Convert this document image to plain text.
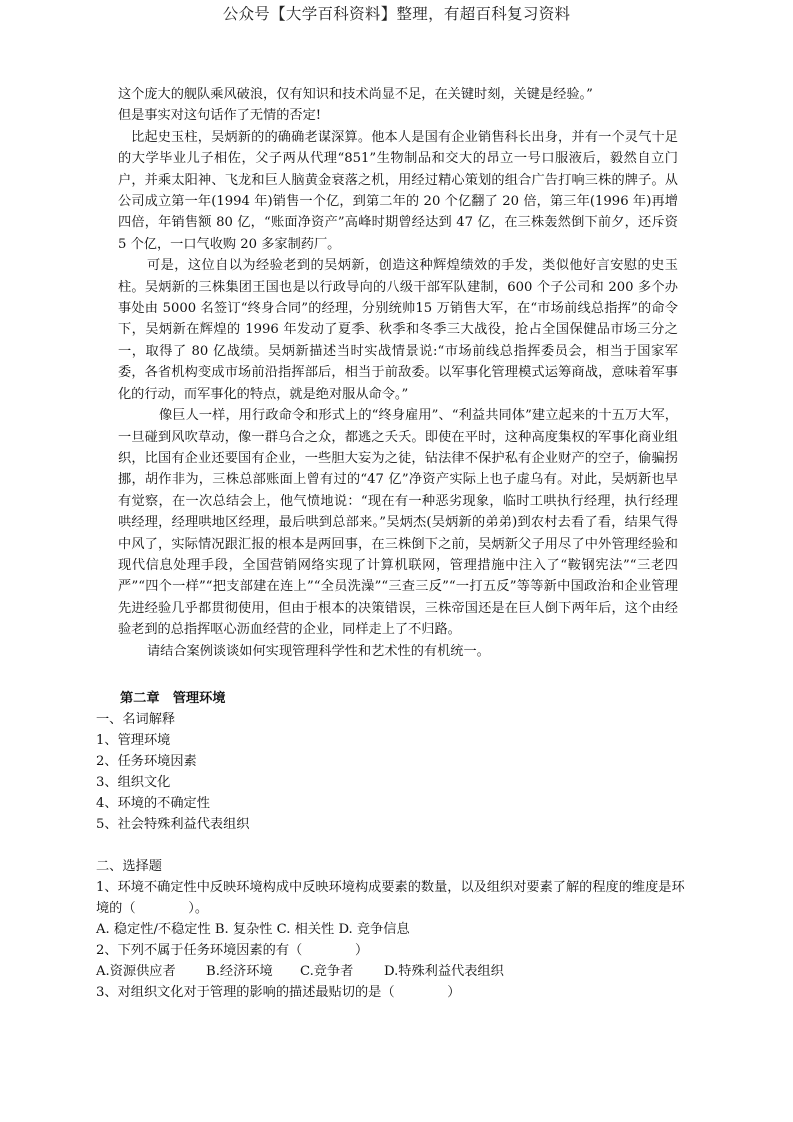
公众号【大学百科资料】整理，有超百科复习资料

这个庞大的舰队乘风破浪，仅有知识和技术尚显不足，在关键时刻，关键是经验。”

但是事实对这句话作了无情的否定!

比起史玉柱，吴炳新的的确确老谋深算。他本人是国有企业销售科长出身，并有一个灵气十足的大学毕业儿子相佐，父子两从代理“851”生物制品和交大的昂立一号口服液后，毅然自立门户，并乘太阳神、飞龙和巨人脑黄金衰落之机，用经过精心策划的组合广告打响三株的牌子。从公司成立第一年(1994 年)销售一个亿，到第二年的 20 个亿翻了 20 倍，第三年(1996 年)再增四倍，年销售额 80 亿，“账面净资产”高峰时期曾经达到 47 亿，在三株轰然倒下前夕，还斥资 5 个亿，一口气收购 20 多家制药厂。

可是，这位自以为经验老到的吴炳新，创造这种辉煌绩效的手发，类似他好言安慰的史玉柱。吴炳新的三株集团王国也是以行政导向的八级干部军队建制，600 个子公司和 200 多个办事处由 5000 名签订“终身合同”的经理，分别统帅15 万销售大军，在“市场前线总指挥”的命令下，吴炳新在辉煌的 1996 年发动了夏季、秋季和冬季三大战役，抢占全国保健品市场三分之一，取得了 80 亿战绩。吴炳新描述当时实战情景说:“市场前线总指挥委员会，相当于国家军委，各省机构变成市场前沿指挥部后，相当于前敌委。以军事化管理模式运筹商战，意味着军事化的行动，而军事化的特点，就是绝对服从命令。”

像巨人一样，用行政命令和形式上的“终身雇用”、“利益共同体”建立起来的十五万大军，一旦碰到风吹草动，像一群乌合之众，都逃之夭夭。即使在平时，这种高度集权的军事化商业组织，比国有企业还要国有企业，一些胆大妄为之徒，钻法律不保护私有企业财产的空子，偷骗拐挪，胡作非为，三株总部账面上曾有过的“47 亿”净资产实际上也子虚乌有。对此，吴炳新也早有觉察，在一次总结会上，他气愤地说：“现在有一种恶劣现象，临时工哄执行经理，执行经理哄经理，经理哄地区经理，最后哄到总部来。”吴炳杰(吴炳新的弟弟)到农村去看了看，结果气得中风了，实际情况跟汇报的根本是两回事，在三株倒下之前，吴炳新父子用尽了中外管理经验和现代信息处理手段，全国营销网络实现了计算机联网，管理措施中注入了“鞍钢宪法”“三老四严”“四个一样”“把支部建在连上”“全员洗澡”“三查三反”“一打五反”等等新中国政治和企业管理先进经验几乎都贯彻使用，但由于根本的决策错误，三株帝国还是在巨人倒下两年后，这个由经验老到的总指挥呕心沥血经营的企业，同样走上了不归路。

请结合案例谈谈如何实现管理科学性和艺术性的有机统一。

第二章　管理环境

一、名词解释

1、管理环境

2、任务环境因素

3、组织文化

4、环境的不确定性

5、社会特殊利益代表组织

二、选择题

1、环境不确定性中反映环境构成中反映环境构成要素的数量，以及组织对要素了解的程度的维度是环境的（　　　　）。

A. 稳定性/不稳定性 B. 复杂性 C. 相关性 D. 竞争信息

2、下列不属于任务环境因素的有（　　　　）

A.资源供应者 B.经济环境 C.竞争者 D.特殊利益代表组织

3、对组织文化对于管理的影响的描述最贴切的是（　　　　）
